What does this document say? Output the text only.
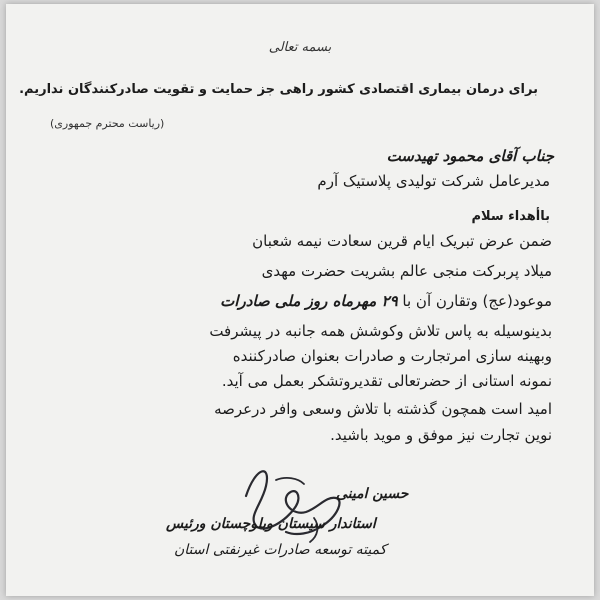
بسمه تعالی
برای درمان بیماری اقتصادی کشور راهی جز حمایت و تقویت صادرکنندگان نداریم.
(ریاست محترم جمهوری)
جناب آقای محمود تهیدست
مدیرعامل شرکت تولیدی پلاستیک آرم
باأهداء سلام
ضمن عرض تبریک ایام قرین سعادت نیمه شعبان
میلاد پربرکت منجی عالم بشریت حضرت مهدی
موعود(عج) وتقارن آن با ۲۹ مهرماه روز ملی صادرات
بدینوسیله به پاس تلاش وکوشش همه جانبه در پیشرفت
وبهینه سازی امرتجارت و صادرات بعنوان صادرکننده
نمونه استانی از حضرتعالی تقدیروتشکر بعمل می آید.
امید است همچون گذشته با تلاش وسعی وافر درعرصه
نوین تجارت نیز موفق و موید باشید.
حسین امینی
استاندار سیستان وبلوچستان ورئیس
کمیته توسعه صادرات غیرنفتی استان
